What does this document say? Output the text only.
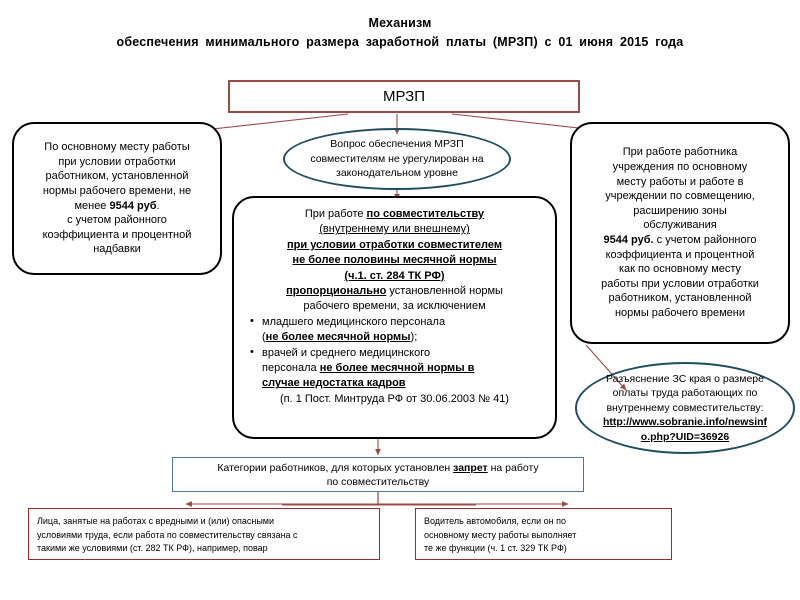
Механизм
обеспечения минимального размера заработной платы (МРЗП) с 01 июня 2015 года
МРЗП
По основному месту работы
при условии отработки
работником, установленной
нормы рабочего времени, не
менее 9544 руб.
с учетом районного
коэффициента и процентной
надбавки
Вопрос обеспечения МРЗП
совместителям не урегулирован на
законодательном уровне
При работе работника
учреждения по основному
месту работы и работе в
учреждении по совмещению,
расширению зоны
обслуживания
9544 руб. с учетом районного
коэффициента и процентной
как по основному месту
работы при условии отработки
работником, установленной
нормы рабочего времени
При работе по совместительству
(внутреннему или внешнему)
при условии отработки совместителем
не более половины месячной нормы
(ч.1. ст. 284 ТК РФ)
пропорционально установленной нормы
рабочего времени, за исключением
• младшего медицинского персонала
(не более месячной нормы);
• врачей и среднего медицинского
персонала не более месячной нормы в
случае недостатка кадров
(п. 1 Пост. Минтруда РФ от 30.06.2003 № 41)
Разъяснение ЗС края о размере
оплаты труда работающих по
внутреннему совместительству:
http://www.sobranie.info/newsinf
o.php?UID=36926
Категории работников, для которых установлен запрет на работу
по совместительству
Лица, занятые на работах с вредными и (или) опасными
условиями труда, если работа по совместительству связана с
такими же условиями (ст. 282 ТК РФ), например, повар
Водитель автомобиля, если он по
основному месту работы выполняет
те же функции (ч. 1 ст. 329 ТК РФ)
